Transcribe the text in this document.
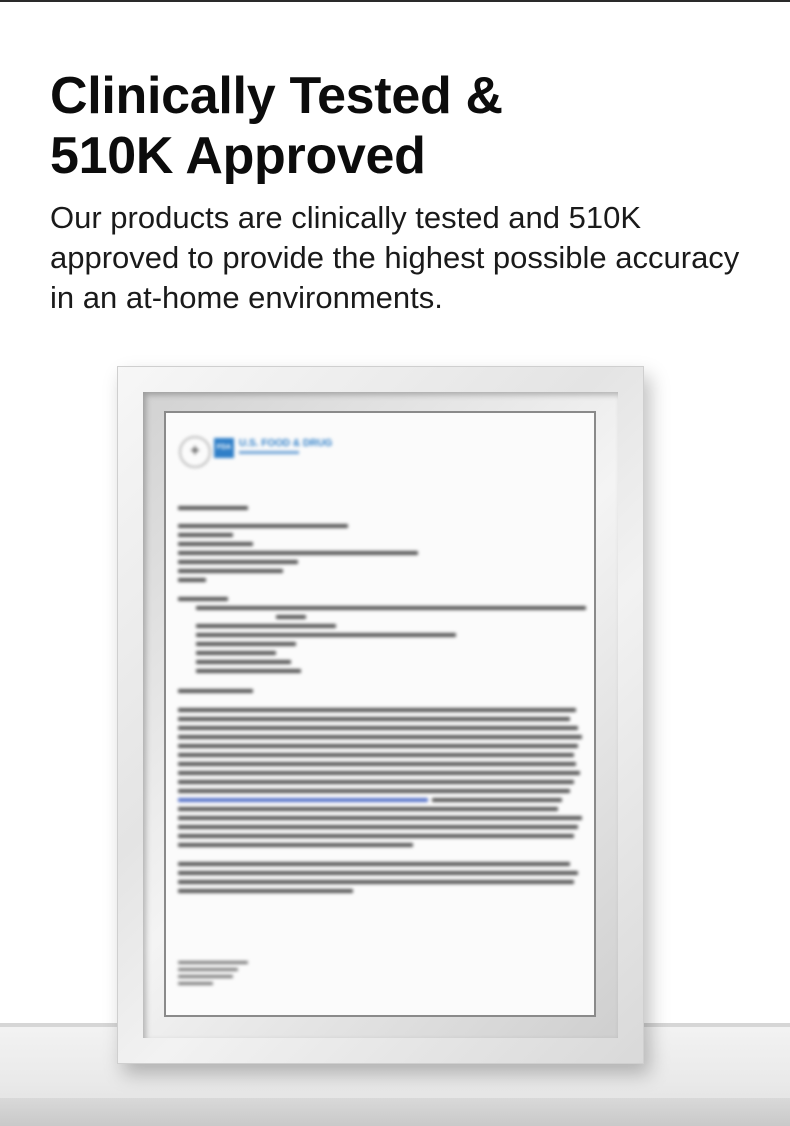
Clinically Tested &
510K Approved

Our products are clinically tested and 510K approved to provide the highest possible accuracy in an at-home environments.

✦	FDA U.S. FOOD & DRUG
